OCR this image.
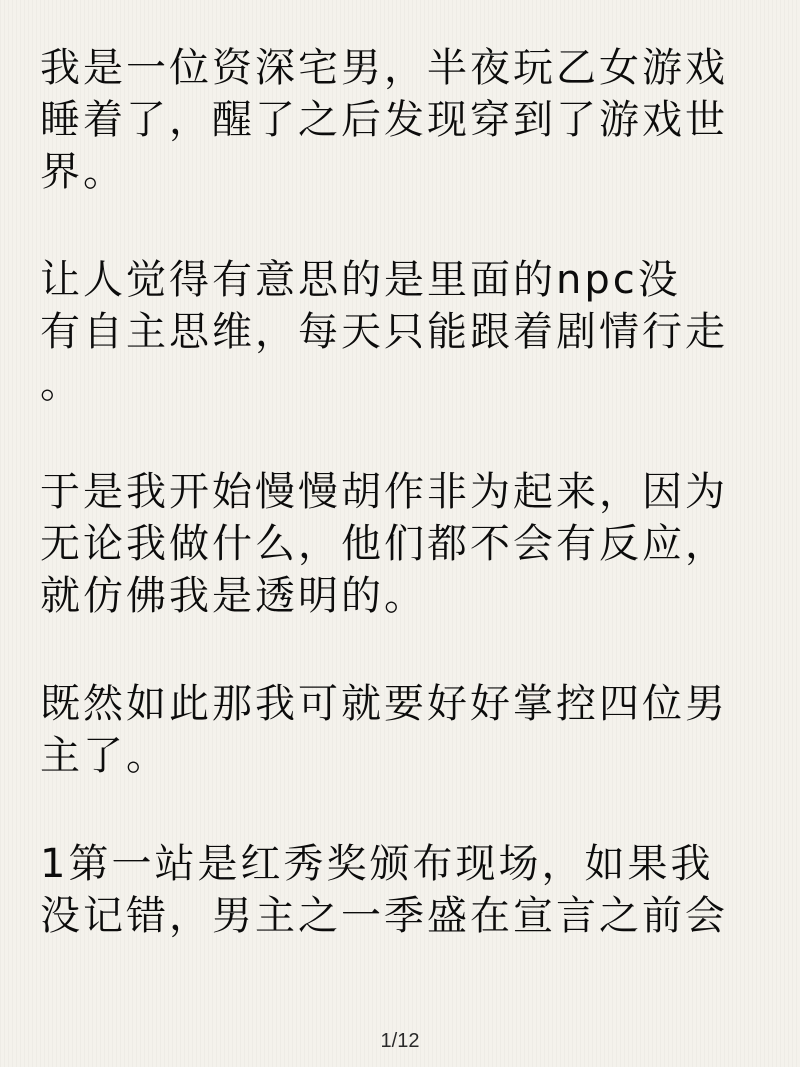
我是一位资深宅男，半夜玩乙女游戏
睡着了，醒了之后发现穿到了游戏世
界。
让人觉得有意思的是里面的npc没
有自主思维，每天只能跟着剧情行走
。
于是我开始慢慢胡作非为起来，因为
无论我做什么，他们都不会有反应，
就仿佛我是透明的。
既然如此那我可就要好好掌控四位男
主了。
1第一站是红秀奖颁布现场，如果我
没记错，男主之一季盛在宣言之前会
1/12
